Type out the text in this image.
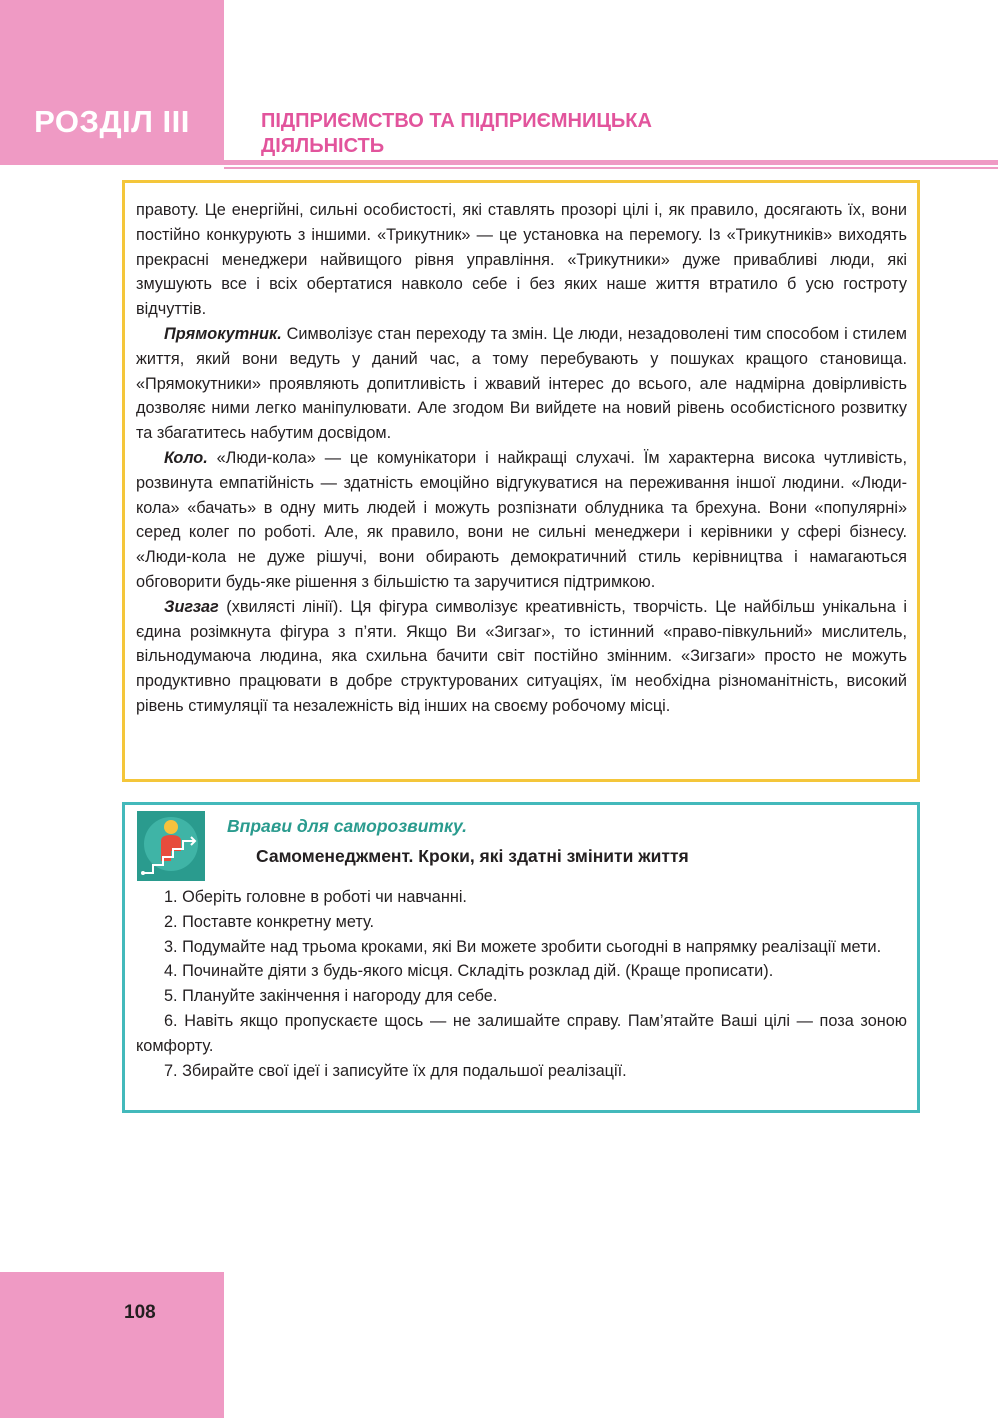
РОЗДІЛ III	ПІДПРИЄМСТВО ТА ПІДПРИЄМНИЦЬКА
ДІЯЛЬНІСТЬ

правоту. Це енергійні, сильні особистості, які ставлять прозорі цілі і, як правило, досягають їх, вони постійно конкурують з іншими. «Трикутник» — це установка на перемогу. Із «Трикутників» виходять прекрасні менеджери найвищого рівня управління. «Трикутники» дуже привабливі люди, які змушують все і всіх обертатися навколо себе і без яких наше життя втратило б усю гостроту відчуттів.

Прямокутник. Символізує стан переходу та змін. Це люди, незадоволені тим способом і стилем життя, який вони ведуть у даний час, а тому перебувають у пошуках кращого становища. «Прямокутники» проявляють допитливість і жвавий інтерес до всього, але надмірна довірливість дозволяє ними легко маніпулювати. Але згодом Ви вийдете на новий рівень особистісного розвитку та збагатитесь набутим досвідом.

Коло. «Люди-кола» — це комунікатори і найкращі слухачі. Їм характерна висока чутливість, розвинута емпатійність — здатність емоційно відгукуватися на переживання іншої людини. «Люди-кола» «бачать» в одну мить людей і можуть розпізнати облудника та брехуна. Вони «популярні» серед колег по роботі. Але, як правило, вони не сильні менеджери і керівники у сфері бізнесу. «Люди-кола не дуже рішучі, вони обирають демократичний стиль керівництва і намагаються обговорити будь-яке рішення з більшістю та заручитися підтримкою.

Зигзаг (хвилясті лінії). Ця фігура символізує креативність, творчість. Це найбільш унікальна і єдина розімкнута фігура з п’яти. Якщо Ви «Зигзаг», то істинний «право-півкульний» мислитель, вільнодумаюча людина, яка схильна бачити світ постійно змінним. «Зигзаги» просто не можуть продуктивно працювати в добре структурованих ситуаціях, їм необхідна різноманітність, високий рівень стимуляції та незалежність від інших на своєму робочому місці.

Вправи для саморозвитку.
Самоменеджмент. Кроки, які здатні змінити життя

1. Оберіть головне в роботі чи навчанні.

2. Поставте конкретну мету.

3. Подумайте над трьома кроками, які Ви можете зробити сьогодні в напрямку реалізації мети.

4. Починайте діяти з будь-якого місця. Складіть розклад дій. (Краще прописати).

5. Плануйте закінчення і нагороду для себе.

6. Навіть якщо пропускаєте щось — не залишайте справу. Пам’ятайте Ваші цілі — поза зоною комфорту.

7. Збирайте свої ідеї і записуйте їх для подальшої реалізації.

108
